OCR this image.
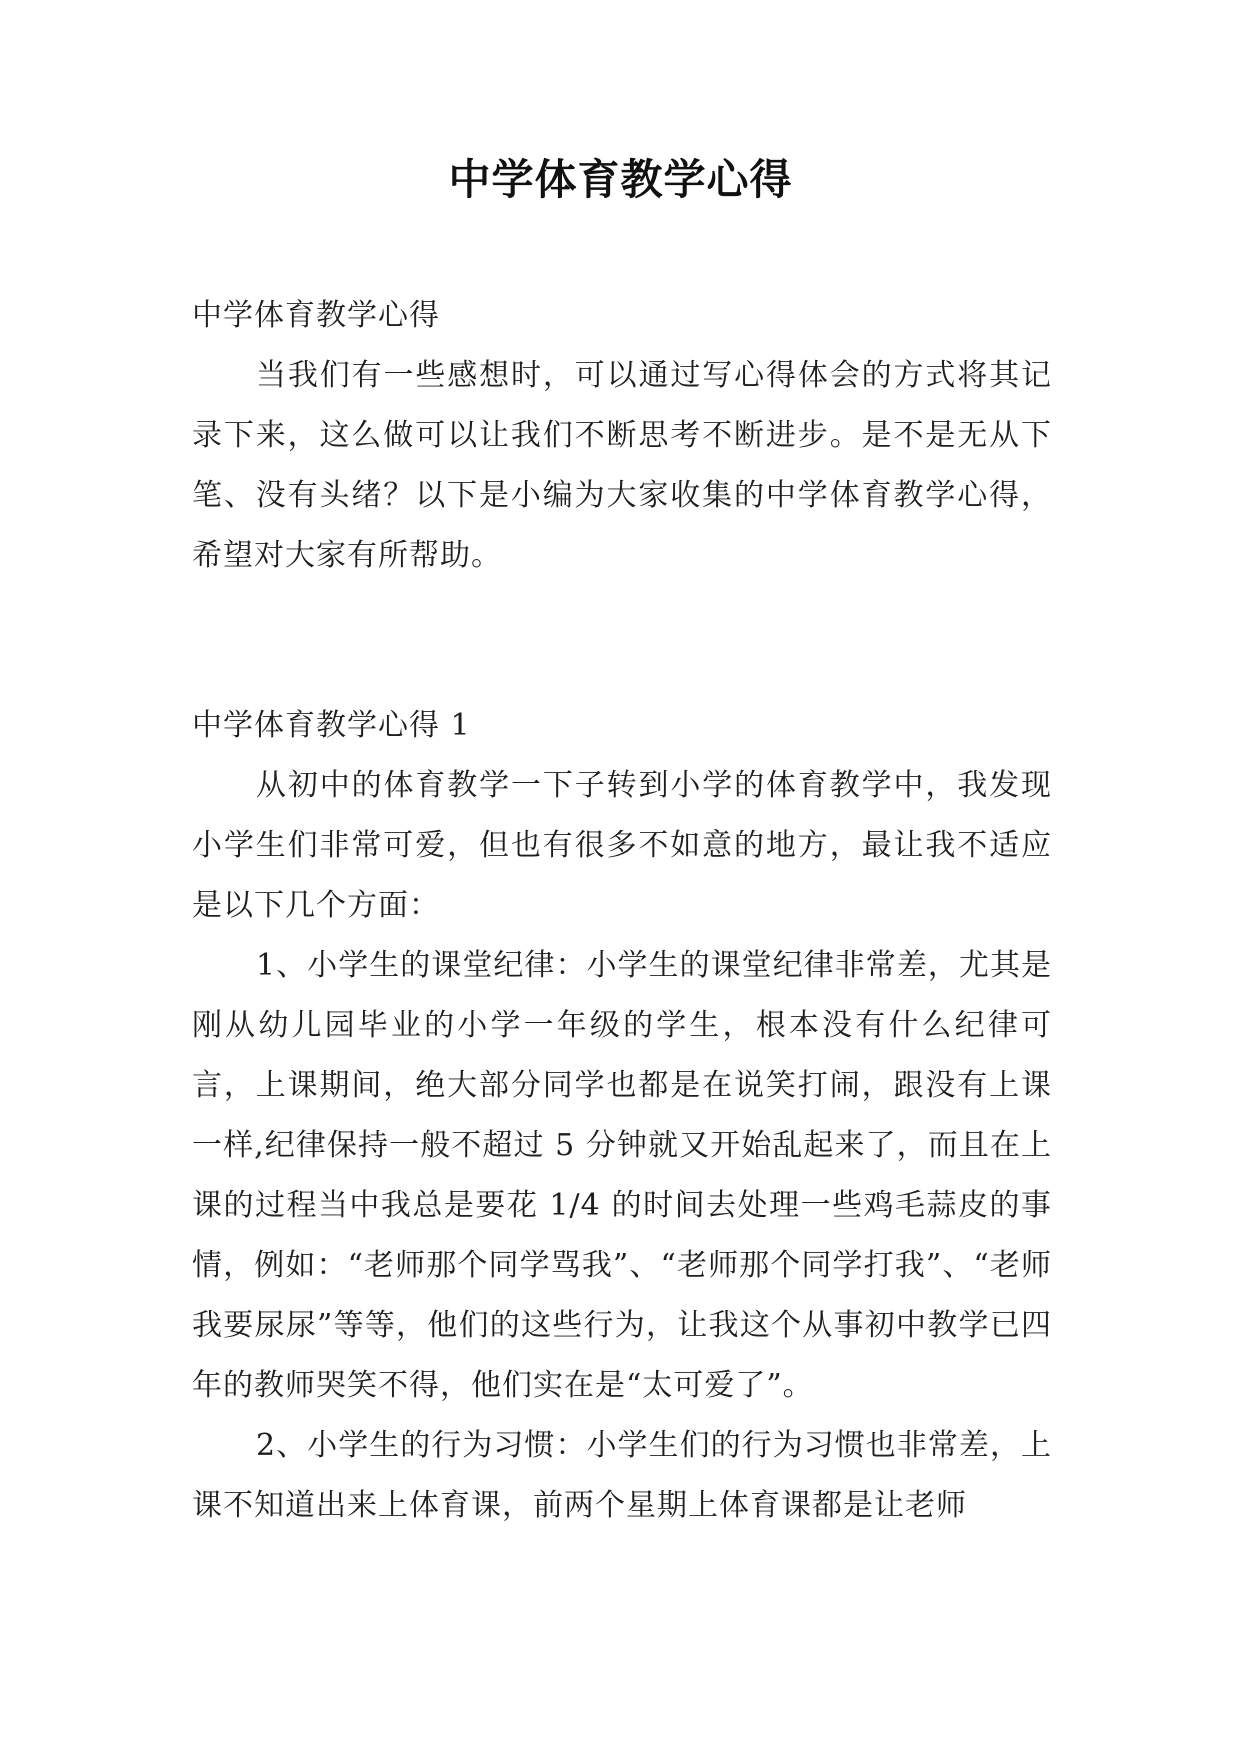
中学体育教学心得

中学体育教学心得

当我们有一些感想时，可以通过写心得体会的方式将其记录下来，这么做可以让我们不断思考不断进步。是不是无从下笔、没有头绪？以下是小编为大家收集的中学体育教学心得，希望对大家有所帮助。

中学体育教学心得 1

从初中的体育教学一下子转到小学的体育教学中，我发现小学生们非常可爱，但也有很多不如意的地方，最让我不适应是以下几个方面：

1、小学生的课堂纪律：小学生的课堂纪律非常差，尤其是刚从幼儿园毕业的小学一年级的学生，根本没有什么纪律可言，上课期间，绝大部分同学也都是在说笑打闹，跟没有上课一样,纪律保持一般不超过 5 分钟就又开始乱起来了，而且在上课的过程当中我总是要花 1/4 的时间去处理一些鸡毛蒜皮的事情，例如：“老师那个同学骂我”、“老师那个同学打我”、“老师我要尿尿”等等，他们的这些行为，让我这个从事初中教学已四年的教师哭笑不得，他们实在是“太可爱了”。

2、小学生的行为习惯：小学生们的行为习惯也非常差，上课不知道出来上体育课，前两个星期上体育课都是让老师
